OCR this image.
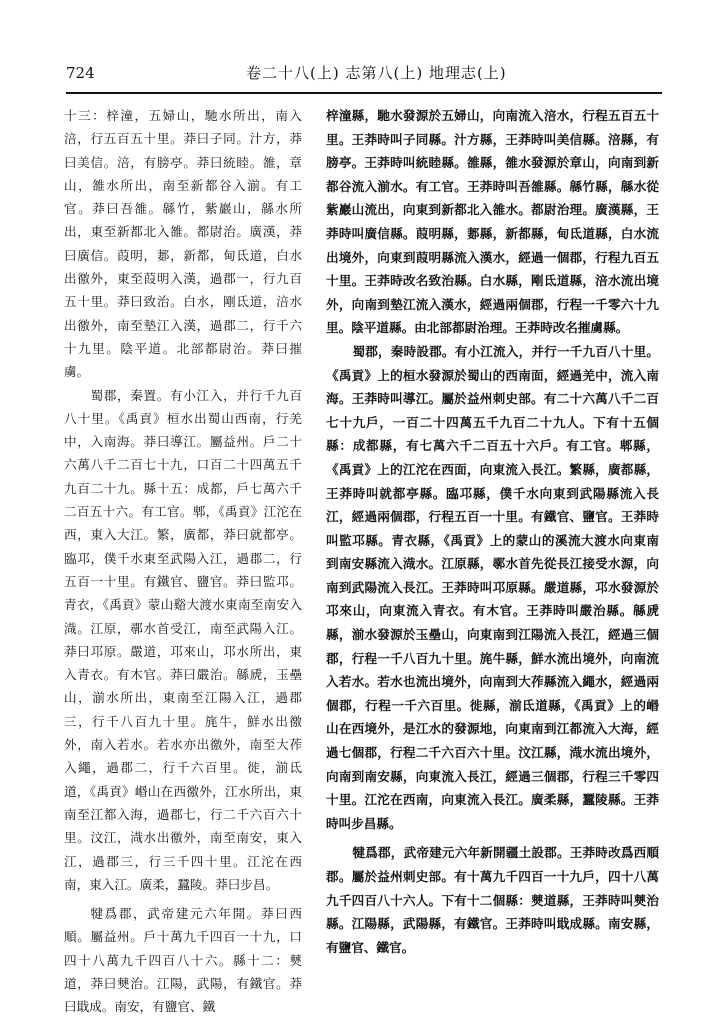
724	卷二十八(上) 志第八(上) 地理志(上)

十三：梓潼，五婦山，馳水所出，南入涪，行五百五十里。莽曰子同。汁方，莽曰美信。涪，有膀亭。莽曰統睦。雒，章山，雒水所出，南至新都谷入湔。有工官。莽曰吾雒。緜竹，紫巖山，緜水所出，東至新都北入雒。都尉治。廣漢，莽曰廣信。葭明，郪，新都，甸氐道，白水出徼外，東至葭明入漢，過郡一，行九百五十里。莽曰致治。白水，剛氐道，涪水出徼外，南至墊江入漢，過郡二，行千六十九里。陰平道。北部都尉治。莽曰摧虜。

蜀郡，秦置。有小江入，并行千九百八十里。《禹貢》桓水出蜀山西南，行羌中，入南海。莽曰導江。屬益州。戶二十六萬八千二百七十九，口百二十四萬五千九百二十九。縣十五：成都，戶七萬六千二百五十六。有工官。郫，《禹貢》江沱在西，東入大江。繁，廣都，莽曰就都亭。臨邛，僕千水東至武陽入江，過郡二，行五百一十里。有鐵官、鹽官。莽曰監邛。青衣，《禹貢》蒙山谿大渡水東南至南安入渽。江原，鄩水首受江，南至武陽入江。莽曰邛原。嚴道，邛來山，邛水所出，東入青衣。有木官。莽曰嚴治。緜虒，玉壘山，湔水所出，東南至江陽入江，過郡三，行千八百九十里。旄牛，鮮水出徼外，南入若水。若水亦出徼外，南至大莋入繩，過郡二，行千六百里。徙，湔氐道，《禹貢》㟭山在西徼外，江水所出，東南至江都入海，過郡七，行二千六百六十里。汶江，渽水出徼外，南至南安，東入江，過郡三，行三千四十里。江沱在西南，東入江。廣柔，蠶陵。莽曰步昌。

犍爲郡，武帝建元六年開。莽曰西順。屬益州。戶十萬九千四百一十九，口四十八萬九千四百八十六。縣十二：僰道，莽曰僰治。江陽，武陽，有鐵官。莽曰戢成。南安，有鹽官、鐵

梓潼縣，馳水發源於五婦山，向南流入涪水，行程五百五十里。王莽時叫子同縣。汁方縣，王莽時叫美信縣。涪縣，有膀亭。王莽時叫統睦縣。雒縣，雒水發源於章山，向南到新都谷流入湔水。有工官。王莽時叫吾雒縣。緜竹縣，緜水從紫巖山流出，向東到新都北入雒水。都尉治理。廣漢縣，王莽時叫廣信縣。葭明縣，郪縣，新都縣，甸氐道縣，白水流出境外，向東到葭明縣流入漢水，經過一個郡，行程九百五十里。王莽時改名致治縣。白水縣，剛氐道縣，涪水流出境外，向南到墊江流入漢水，經過兩個郡，行程一千零六十九里。陰平道縣。由北部都尉治理。王莽時改名摧虜縣。

蜀郡，秦時設郡。有小江流入，并行一千九百八十里。《禹貢》上的桓水發源於蜀山的西南面，經過羌中，流入南海。王莽時叫導江。屬於益州刺史部。有二十六萬八千二百七十九戶，一百二十四萬五千九百二十九人。下有十五個縣：成都縣，有七萬六千二百五十六戶。有工官。郫縣，《禹貢》上的江沱在西面，向東流入長江。繁縣，廣都縣，王莽時叫就都亭縣。臨邛縣，僕千水向東到武陽縣流入長江，經過兩個郡，行程五百一十里。有鐵官、鹽官。王莽時叫監邛縣。青衣縣，《禹貢》上的蒙山的溪流大渡水向東南到南安縣流入渽水。江原縣，鄩水首先從長江接受水源，向南到武陽流入長江。王莽時叫邛原縣。嚴道縣，邛水發源於邛來山，向東流入青衣。有木官。王莽時叫嚴治縣。緜虒縣，湔水發源於玉壘山，向東南到江陽流入長江，經過三個郡，行程一千八百九十里。旄牛縣，鮮水流出境外，向南流入若水。若水也流出境外，向南到大莋縣流入繩水，經過兩個郡，行程一千六百里。徙縣，湔氐道縣，《禹貢》上的㟭山在西境外，是江水的發源地，向東南到江都流入大海，經過七個郡，行程二千六百六十里。汶江縣，渽水流出境外，向南到南安縣，向東流入長江，經過三個郡，行程三千零四十里。江沱在西南，向東流入長江。廣柔縣，蠶陵縣。王莽時叫步昌縣。

犍爲郡，武帝建元六年新開疆土設郡。王莽時改爲西順郡。屬於益州刺史部。有十萬九千四百一十九戶，四十八萬九千四百八十六人。下有十二個縣：僰道縣，王莽時叫僰治縣。江陽縣，武陽縣，有鐵官。王莽時叫戢成縣。南安縣，有鹽官、鐵官。
